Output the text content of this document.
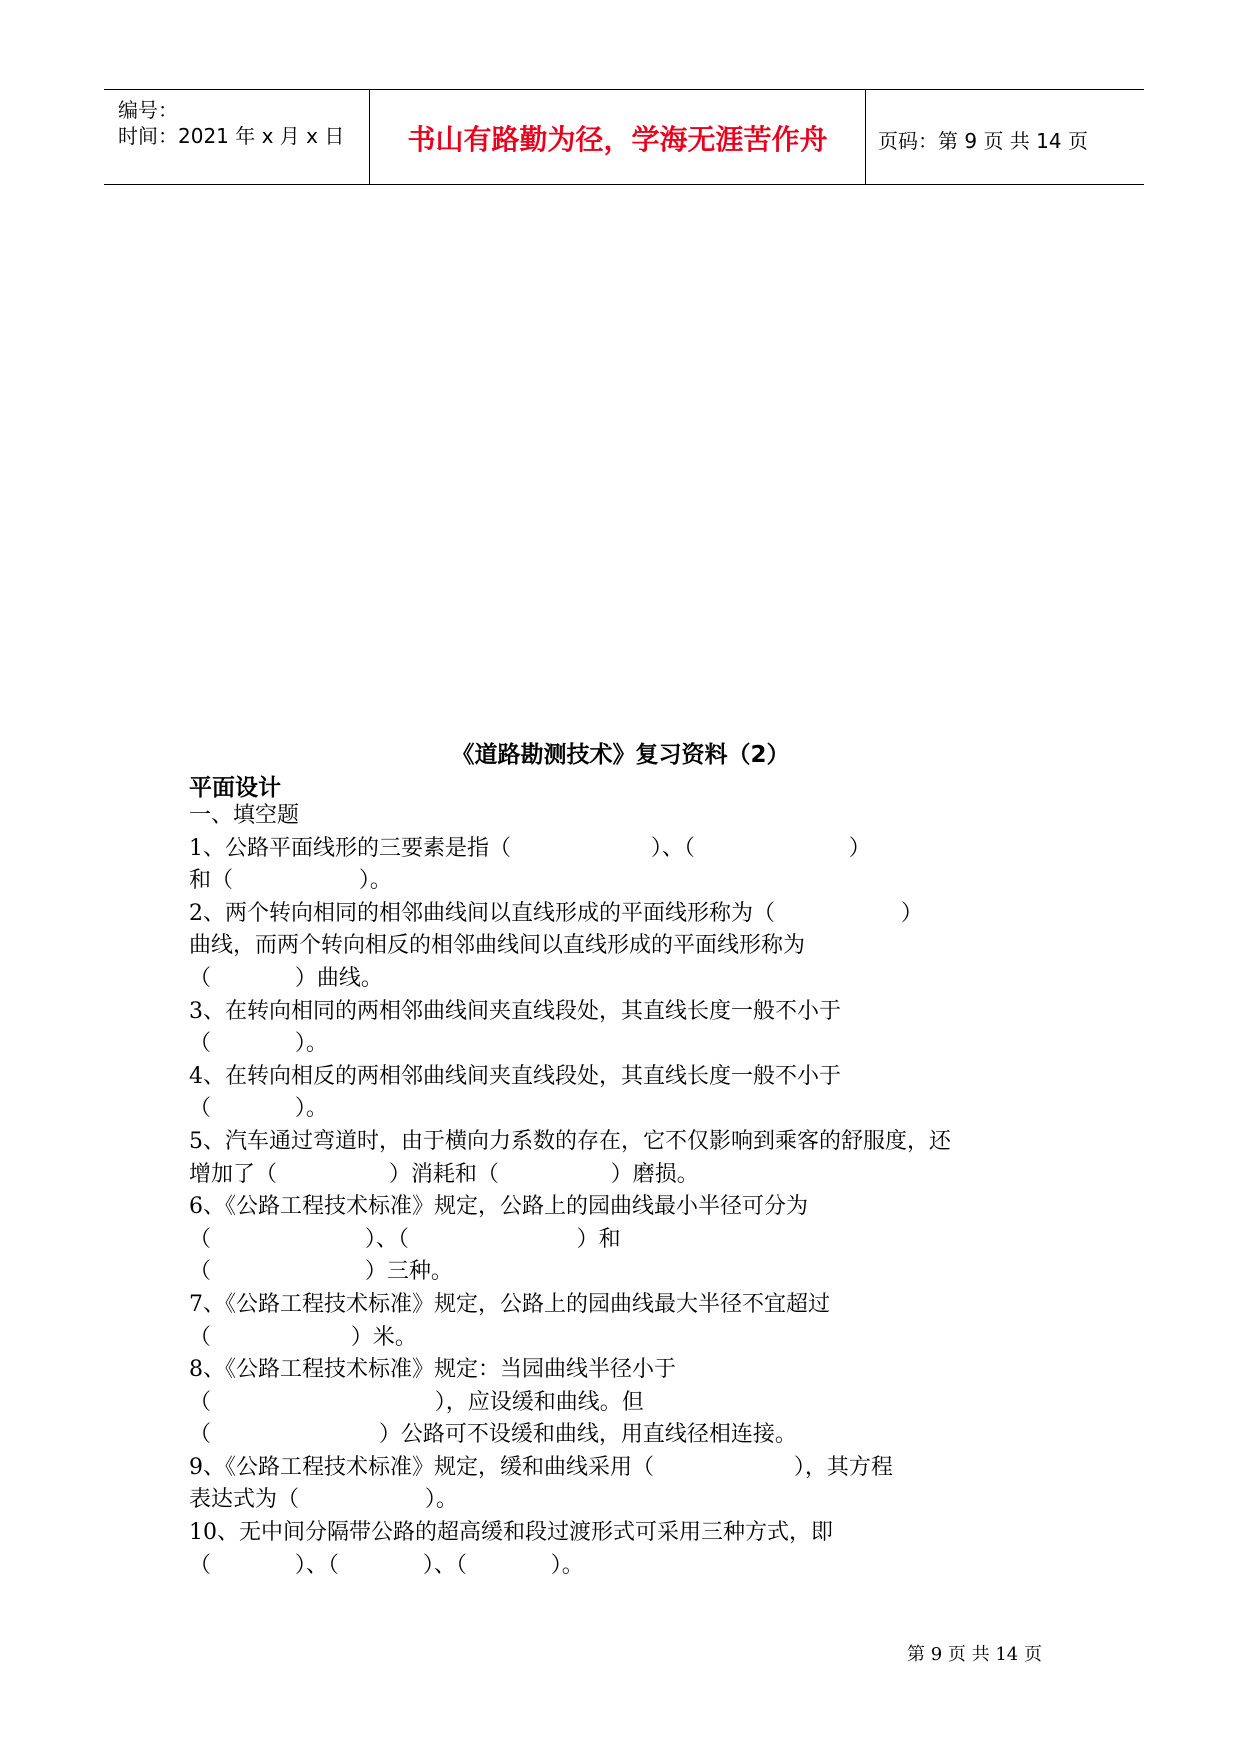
编号：
时间：2021 年 x 月 x 日	书山有路勤为径，学海无涯苦作舟	页码：第 9 页 共 14 页
《道路勘测技术》复习资料（2）
平面设计
一、填空题
1、公路平面线形的三要素是指（                    ）、（                      ）
和（                  ）。
2、两个转向相同的相邻曲线间以直线形成的平面线形称为（                  ）
曲线，而两个转向相反的相邻曲线间以直线形成的平面线形称为
（            ）曲线。
3、在转向相同的两相邻曲线间夹直线段处，其直线长度一般不小于
（            ）。
4、在转向相反的两相邻曲线间夹直线段处，其直线长度一般不小于
（            ）。
5、汽车通过弯道时，由于横向力系数的存在，它不仅影响到乘客的舒服度，还
增加了（                ）消耗和（                ）磨损。
6、《公路工程技术标准》规定，公路上的园曲线最小半径可分为
（                      ）、（                        ）和
（                      ）三种。
7、《公路工程技术标准》规定，公路上的园曲线最大半径不宜超过
（                    ）米。
8、《公路工程技术标准》规定：当园曲线半径小于
（                                ），应设缓和曲线。但
（                        ）公路可不设缓和曲线，用直线径相连接。
9、《公路工程技术标准》规定，缓和曲线采用（                    ），其方程
表达式为（                  ）。
10、无中间分隔带公路的超高缓和段过渡形式可采用三种方式，即
（            ）、（            ）、（            ）。
第 9 页 共 14 页
